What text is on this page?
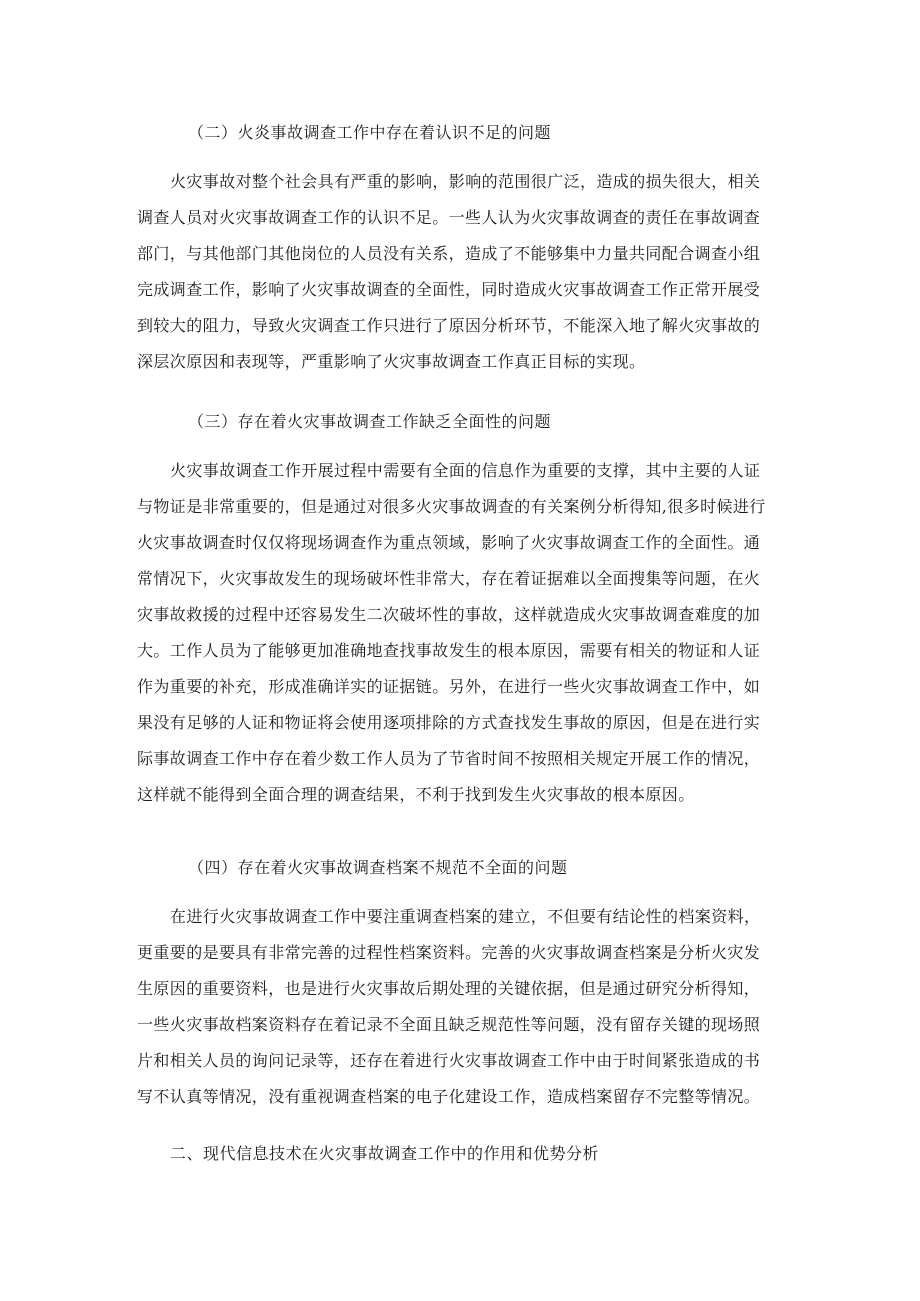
（二）火炎事故调查工作中存在着认识不足的问题
火灾事故对整个社会具有严重的影响，影响的范围很广泛，造成的损失很大，相关
调查人员对火灾事故调查工作的认识不足。一些人认为火灾事故调查的责任在事故调查
部门，与其他部门其他岗位的人员没有关系，造成了不能够集中力量共同配合调查小组
完成调查工作，影响了火灾事故调查的全面性，同时造成火灾事故调查工作正常开展受
到较大的阻力，导致火灾调查工作只进行了原因分析环节，不能深入地了解火灾事故的
深层次原因和表现等，严重影响了火灾事故调查工作真正目标的实现。
（三）存在着火灾事故调查工作缺乏全面性的问题
火灾事故调查工作开展过程中需要有全面的信息作为重要的支撑，其中主要的人证
与物证是非常重要的，但是通过对很多火灾事故调查的有关案例分析得知,很多时候进行
火灾事故调查时仅仅将现场调查作为重点领域，影响了火灾事故调查工作的全面性。通
常情况下，火灾事故发生的现场破坏性非常大，存在着证据难以全面搜集等问题，在火
灾事故救援的过程中还容易发生二次破坏性的事故，这样就造成火灾事故调查难度的加
大。工作人员为了能够更加准确地查找事故发生的根本原因，需要有相关的物证和人证
作为重要的补充，形成准确详实的证据链。另外，在进行一些火灾事故调查工作中，如
果没有足够的人证和物证将会使用逐项排除的方式查找发生事故的原因，但是在进行实
际事故调查工作中存在着少数工作人员为了节省时间不按照相关规定开展工作的情况，
这样就不能得到全面合理的调查结果，不利于找到发生火灾事故的根本原因。
（四）存在着火灾事故调查档案不规范不全面的问题
在进行火灾事故调查工作中要注重调查档案的建立，不但要有结论性的档案资料，
更重要的是要具有非常完善的过程性档案资料。完善的火灾事故调查档案是分析火灾发
生原因的重要资料，也是进行火灾事故后期处理的关键依据，但是通过研究分析得知，
一些火灾事故档案资料存在着记录不全面且缺乏规范性等问题，没有留存关键的现场照
片和相关人员的询问记录等，还存在着进行火灾事故调查工作中由于时间紧张造成的书
写不认真等情况，没有重视调查档案的电子化建设工作，造成档案留存不完整等情况。
二、现代信息技术在火灾事故调查工作中的作用和优势分析
